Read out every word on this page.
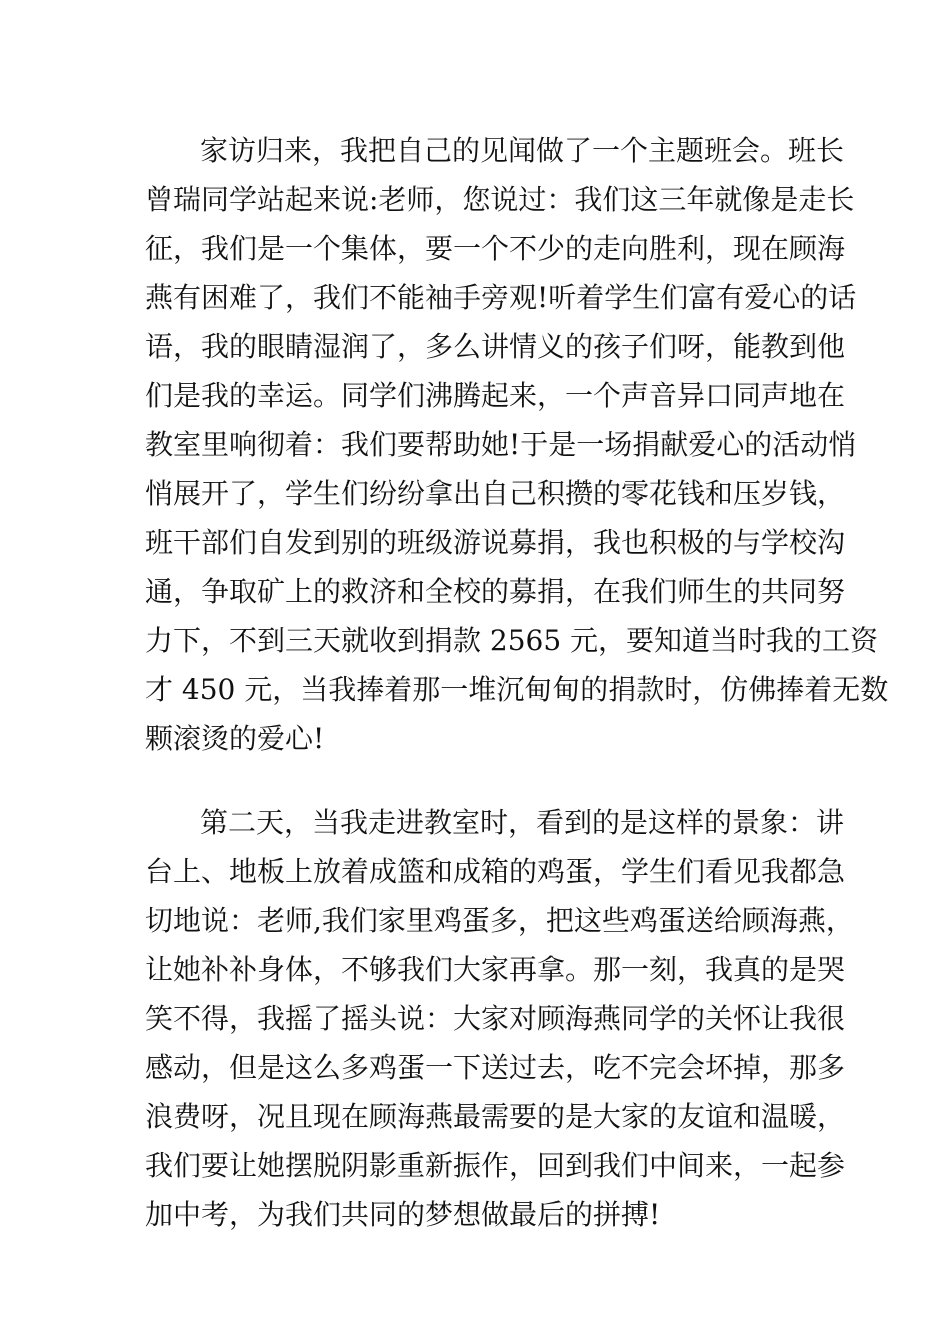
家访归来，我把自己的见闻做了一个主题班会。班长
曾瑞同学站起来说:老师，您说过：我们这三年就像是走长
征，我们是一个集体，要一个不少的走向胜利，现在顾海
燕有困难了，我们不能袖手旁观!听着学生们富有爱心的话
语，我的眼睛湿润了，多么讲情义的孩子们呀，能教到他
们是我的幸运。同学们沸腾起来，一个声音异口同声地在
教室里响彻着：我们要帮助她!于是一场捐献爱心的活动悄
悄展开了，学生们纷纷拿出自己积攒的零花钱和压岁钱，
班干部们自发到别的班级游说募捐，我也积极的与学校沟
通，争取矿上的救济和全校的募捐，在我们师生的共同努
力下，不到三天就收到捐款 2565 元，要知道当时我的工资
才 450 元，当我捧着那一堆沉甸甸的捐款时，仿佛捧着无数
颗滚烫的爱心!
第二天，当我走进教室时，看到的是这样的景象：讲
台上、地板上放着成篮和成箱的鸡蛋，学生们看见我都急
切地说：老师,我们家里鸡蛋多，把这些鸡蛋送给顾海燕，
让她补补身体，不够我们大家再拿。那一刻，我真的是哭
笑不得，我摇了摇头说：大家对顾海燕同学的关怀让我很
感动，但是这么多鸡蛋一下送过去，吃不完会坏掉，那多
浪费呀，况且现在顾海燕最需要的是大家的友谊和温暖，
我们要让她摆脱阴影重新振作，回到我们中间来，一起参
加中考，为我们共同的梦想做最后的拼搏!
